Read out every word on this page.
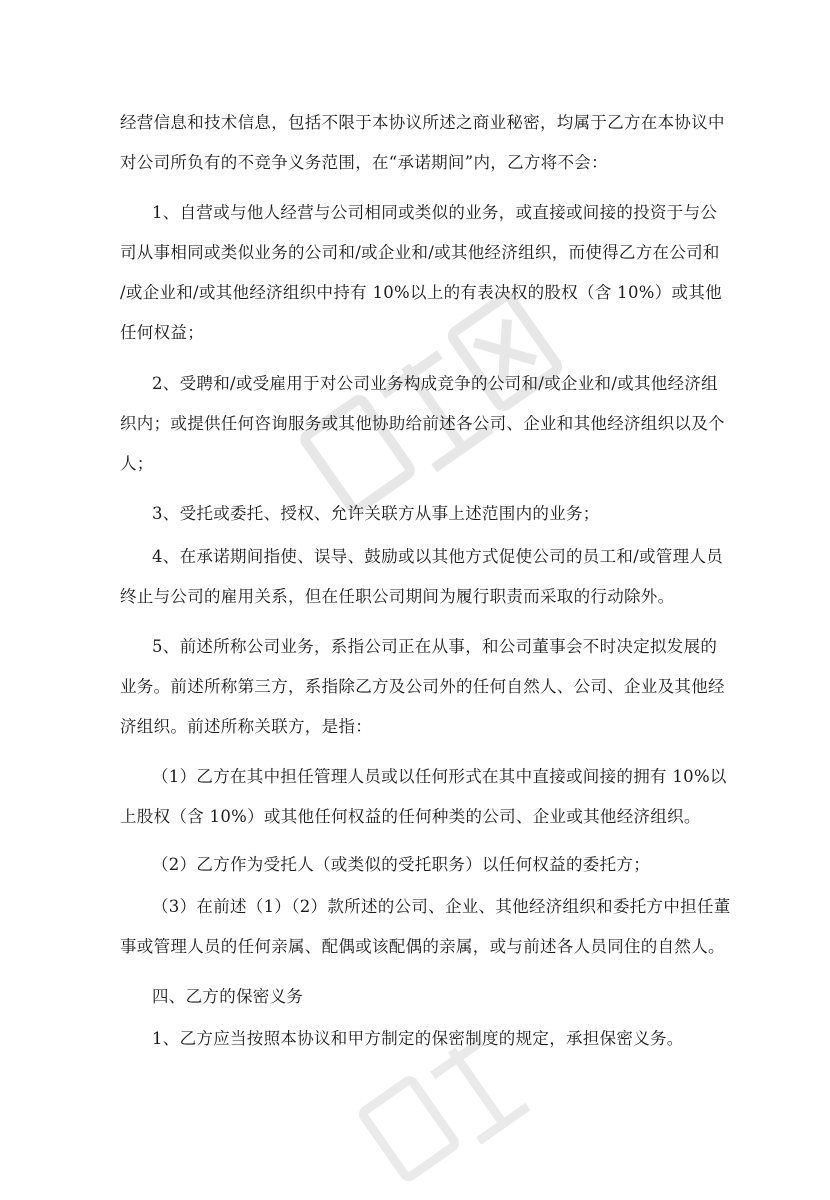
经营信息和技术信息，包括不限于本协议所述之商业秘密，均属于乙方在本协议中
对公司所负有的不竞争义务范围，在“承诺期间”内，乙方将不会：
1、自营或与他人经营与公司相同或类似的业务，或直接或间接的投资于与公
司从事相同或类似业务的公司和/或企业和/或其他经济组织，而使得乙方在公司和
/或企业和/或其他经济组织中持有 10%以上的有表决权的股权（含 10%）或其他
任何权益；
2、受聘和/或受雇用于对公司业务构成竞争的公司和/或企业和/或其他经济组
织内；或提供任何咨询服务或其他协助给前述各公司、企业和其他经济组织以及个
人；
3、受托或委托、授权、允许关联方从事上述范围内的业务；
4、在承诺期间指使、误导、鼓励或以其他方式促使公司的员工和/或管理人员
终止与公司的雇用关系，但在任职公司期间为履行职责而采取的行动除外。
5、前述所称公司业务，系指公司正在从事，和公司董事会不时决定拟发展的
业务。前述所称第三方，系指除乙方及公司外的任何自然人、公司、企业及其他经
济组织。前述所称关联方，是指：
（1）乙方在其中担任管理人员或以任何形式在其中直接或间接的拥有 10%以
上股权（含 10%）或其他任何权益的任何种类的公司、企业或其他经济组织。
（2）乙方作为受托人（或类似的受托职务）以任何权益的委托方；
（3）在前述（1）（2）款所述的公司、企业、其他经济组织和委托方中担任董
事或管理人员的任何亲属、配偶或该配偶的亲属，或与前述各人员同住的自然人。
四、乙方的保密义务
1、乙方应当按照本协议和甲方制定的保密制度的规定，承担保密义务。
